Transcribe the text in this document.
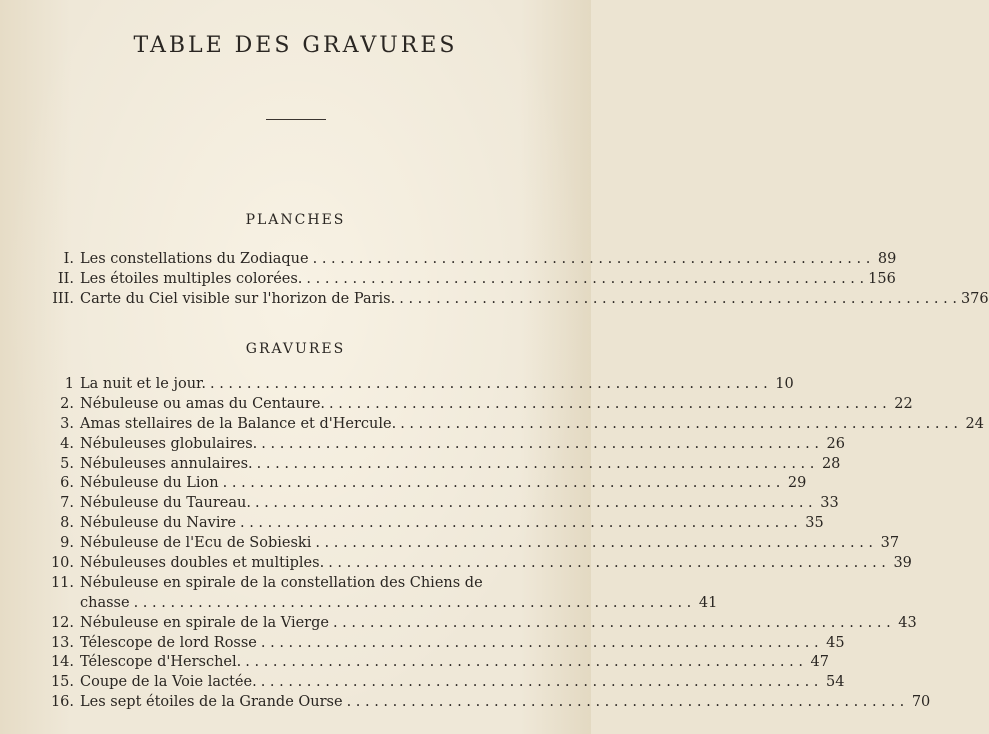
TABLE DES GRAVURES
PLANCHES
I. Les constellations du Zodiaque . . .	89
II. Les étoiles multiples colorées. . . .	156
III. Carte du Ciel visible sur l'horizon de Paris. . . .	376
GRAVURES
1 La nuit et le jour. . . .	10
2. Nébuleuse ou amas du Centaure. . . .	22
3. Amas stellaires de la Balance et d'Hercule. . . .	24
4. Nébuleuses globulaires. . . .	26
5. Nébuleuses annulaires. . . .	28
6. Nébuleuse du Lion . . .	29
7. Nébuleuse du Taureau. . . .	33
8. Nébuleuse du Navire . . .	35
9. Nébuleuse de l'Ecu de Sobieski . . .	37
10. Nébuleuses doubles et multiples. . . .	39
11. Nébuleuse en spirale de la constellation des Chiens de
chasse . . .	41
12. Nébuleuse en spirale de la Vierge . . .	43
13. Télescope de lord Rosse . . .	45
14. Télescope d'Herschel. . . .	47
15. Coupe de la Voie lactée. . . .	54
16. Les sept étoiles de la Grande Ourse . . .	70
